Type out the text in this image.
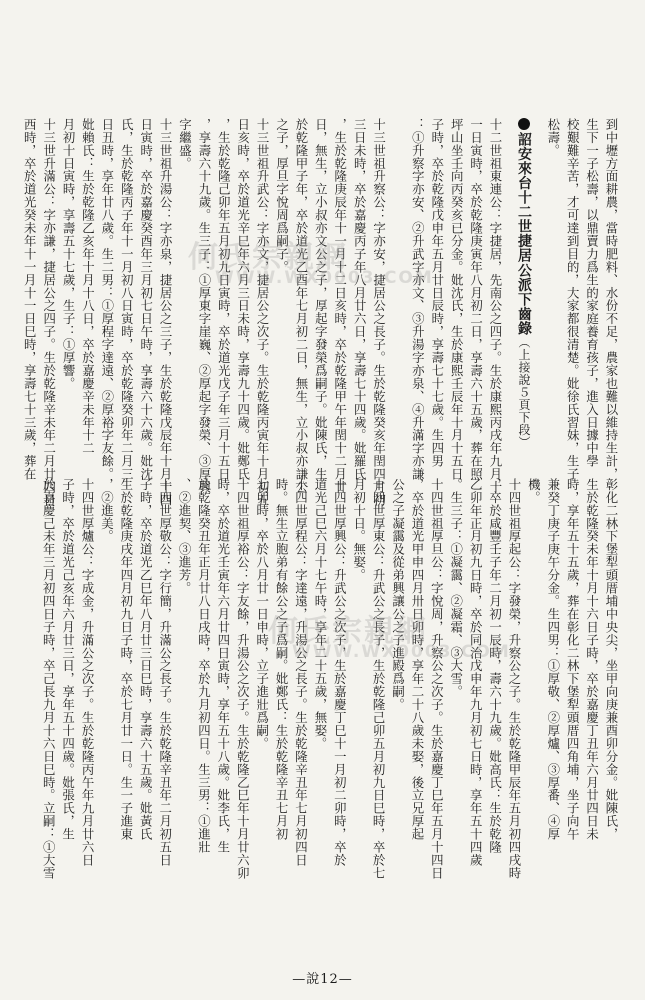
到中壢方面耕農，當時肥料、水份不足，農家也難以維持生計，
生下一子松壽，以鼎賣力爲生的家庭養育孩子，進入日據中學
校艱難辛苦，才可達到目的，大家都很清楚。妣徐氏習妹，生子
松壽。
詔安來台十二世捷居公派下齒錄（上接說５頁下段）
十二世祖東連公：字捷居，先南公之四子。生於康熙丙戌年九月十
一日寅時，卒於乾隆庚寅年八月初二日，享壽六十五歲，葬在照
坪山坐壬向丙癸亥已分金。妣沈氏，生於康熙壬辰年十月十五日
子時，卒於乾隆戊申年五月廿日辰時，享壽七十七歲。生四男
：①升察字亦安、②升武字亦文、③升湯字亦泉、④升滿字亦謙

十三世祖升察公：字亦安，捷居公之長子。生於乾隆癸亥年閏四月初
三日未時，卒於嘉慶丙子年八月廿六日，享壽七十四歲。妣羅氏
，生於乾隆庚辰年十一月十二日亥時，卒於乾隆甲午年閏十二月廿
日，無生，立小叔亦文公之子，厚起字發榮爲嗣子。妣陳氏，生
於乾隆甲子年，卒於道光乙酉年七月初二日，無生，立小叔亦謙公
之子，厚旦字悅周爲嗣子。
十三世祖升武公：字亦文，捷居公之次子。生於乾隆丙寅年十月初五
日亥時，卒於道光辛巳年六月三日未時，享壽九十四歲。妣鄭氏
，生於乾隆己卯年五月初九日寅時，卒於道光戊子年三月十五日
，享壽六十九歲。生三子：①厚東字崖巍、②厚起字發榮、③厚興
字繼盛。
十三世祖升湯公：字亦泉，捷居公之三子，生於乾隆戊辰年十月十四
日寅時，卒於嘉慶癸酉年三月初七日午時，享壽六十六歲。妣沈
氏，生於乾隆丙子年十一月初八日寅時，卒於乾隆癸卯年二月三
日丑時，享年廿八歲。生二男：①厚程字達遠、②厚裕字友餘。
妣賴氏：生於乾隆乙亥年十月十八日，卒於嘉慶辛未年十二
月初十日寅時，享壽五十七歲，生子：①厚響。
十三世升滿公：字亦謙，捷居公之四子。生於乾隆辛未年二月廿四日
西時，卒於道光癸未年十一月十一日巳時，享壽七十三歲，葬在
彰化二林下堡犁頭厝埔中央尖，坐甲向庚兼酉卯分金。妣陳氏，
生於乾隆癸未年十月十六日子時，卒於嘉慶丁丑年六月廿四日未
時，享年五十五歲，葬在彰化二林下堡犁頭厝四角埔，坐子向午
兼癸丁庚子庚午分金。生四男：①厚敬、②厚爐、③厚番、④厚
機。
十四世祖厚起公：字發榮，升察公之子。生於乾隆甲辰年五月初四戌時
，卒於咸豐壬子年二月初一辰時，壽六十九歲。妣高氏：生於乾隆
乙卯年正月初九日時，卒於同治戊申年九月初七日時，享年五十四歲
。生三子：①凝靄、②凝霜、③大雪。
十四世祖厚旦公：字悅周，升察公之次子。生於嘉慶丁巳年五月十四日
，卒於道光甲申四月卅日卯時，享年二十八歲未娶，後立兄厚起
公之子凝靄及從弟興讓公之子進殿爲嗣。
十四世厚東公：升武公之長子，生於乾隆己卯五月初九日巳時，卒於七
月初十日。無娶。
十四世厚興公：升武公之次子，生於嘉慶丁巳十一月初二卯時，卒於
道光己巳六月十七午時，享年二十五歲，無娶。
十四世厚程公：字達遠，升湯公之長子。生於乾隆辛丑年七月初四日
時。無生立胞弟有餘公之子爲嗣。妣鄭氏：生於乾隆辛丑七月初
七卯時，卒於八月廿一日申時，立子進壯爲嗣。
十四世祖厚裕公：字友餘，升湯公之次子。生於乾隆乙巳年十月廿六卯
時，卒於道光壬寅年六月廿四日寅時，享年五十八歲。妣李氏，生
於乾隆癸丑年正月廿八日戌時，卒於九月初四日。生三男：①進壯
、②進契、③進芳。
十四世厚敬公：字行簡，升滿公之長子。生於乾隆辛丑年二月初五日
子時，卒於道光乙巳年八月廿三日巳時，享壽六十五歲。妣黃氏
生於乾隆庚戌年四月初九日子時，卒於七月廿一日。生一子進東
，②進美。
十四世厚爐公：字成金，升滿公之次子。生於乾隆丙午年九月廿六日
子時，卒於道光己亥年六月廿三日，享年五十四歲。妣張氏，生
於嘉慶己未年三月初四日子時，卒己長九月十六日巳時。立嗣：①大雪
何氏宗親網
WWW.WX0003.COM
何氏宗親網
WWW.WX0003.COM
—說12—
